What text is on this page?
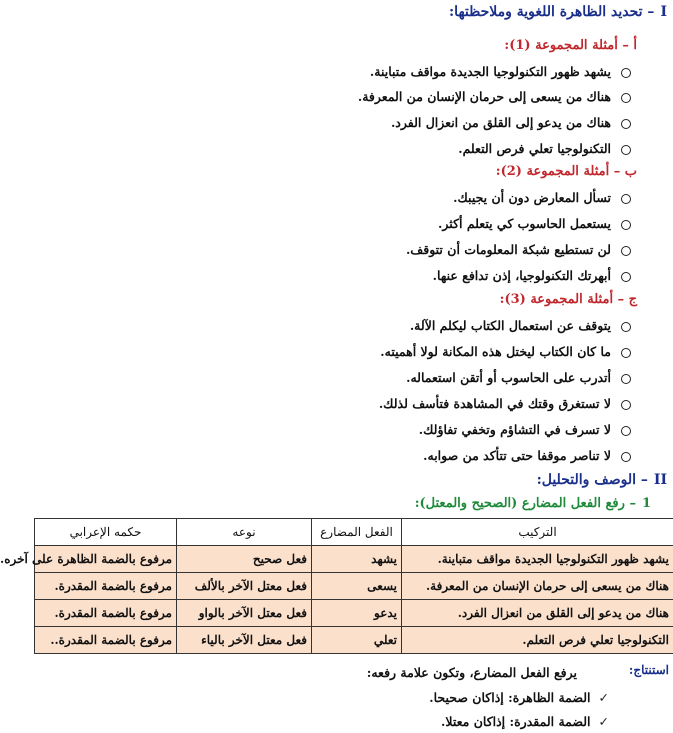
I– تحديد الظاهرة اللغوية وملاحظتها:
أ – أمثلة المجموعة (1):
يشهد ظهور التكنولوجيا الجديدة مواقف متباينة.
هناك من يسعى إلى حرمان الإنسان من المعرفة.
هناك من يدعو إلى القلق من انعزال الفرد.
التكنولوجيا تعلي فرص التعلم.
ب – أمثلة المجموعة (2):
تسأل المعارض دون أن يجيبك.
يستعمل الحاسوب كي يتعلم أكثر.
لن تستطيع شبكة المعلومات أن تتوقف.
أبهرتك التكنولوجيا، إذن تدافع عنها.
ج – أمثلة المجموعة (3):
يتوقف عن استعمال الكتاب ليكلم الآلة.
ما كان الكتاب ليختل هذه المكانة لولا أهميته.
أتدرب على الحاسوب أو أتقن استعماله.
لا تستغرق وقتك في المشاهدة فتأسف لذلك.
لا تسرف في التشاؤم وتخفي تفاؤلك.
لا تناصر موقفا حتى تتأكد من صوابه.
II– الوصف والتحليل:
1– رفع الفعل المضارع (الصحيح والمعتل):
التركيب	الفعل المضارع	نوعه	حكمه الإعرابي
يشهد ظهور التكنولوجيا الجديدة مواقف متباينة.	يشهد	فعل صحيح	مرفوع بالضمة الظاهرة على آخره.
هناك من يسعى إلى حرمان الإنسان من المعرفة.	يسعى	فعل معتل الآخر بالألف	مرفوع بالضمة المقدرة.
هناك من يدعو إلى القلق من انعزال الفرد.	يدعو	فعل معتل الآخر بالواو	مرفوع بالضمة المقدرة.
التكنولوجيا تعلي فرص التعلم.	تعلي	فعل معتل الآخر بالياء	مرفوع بالضمة المقدرة..
استنتاج:
يرفع الفعل المضارع، وتكون علامة رفعه:
✓الضمة الظاهرة: إذاكان صحيحا.
✓الضمة المقدرة: إذاكان معتلا.
